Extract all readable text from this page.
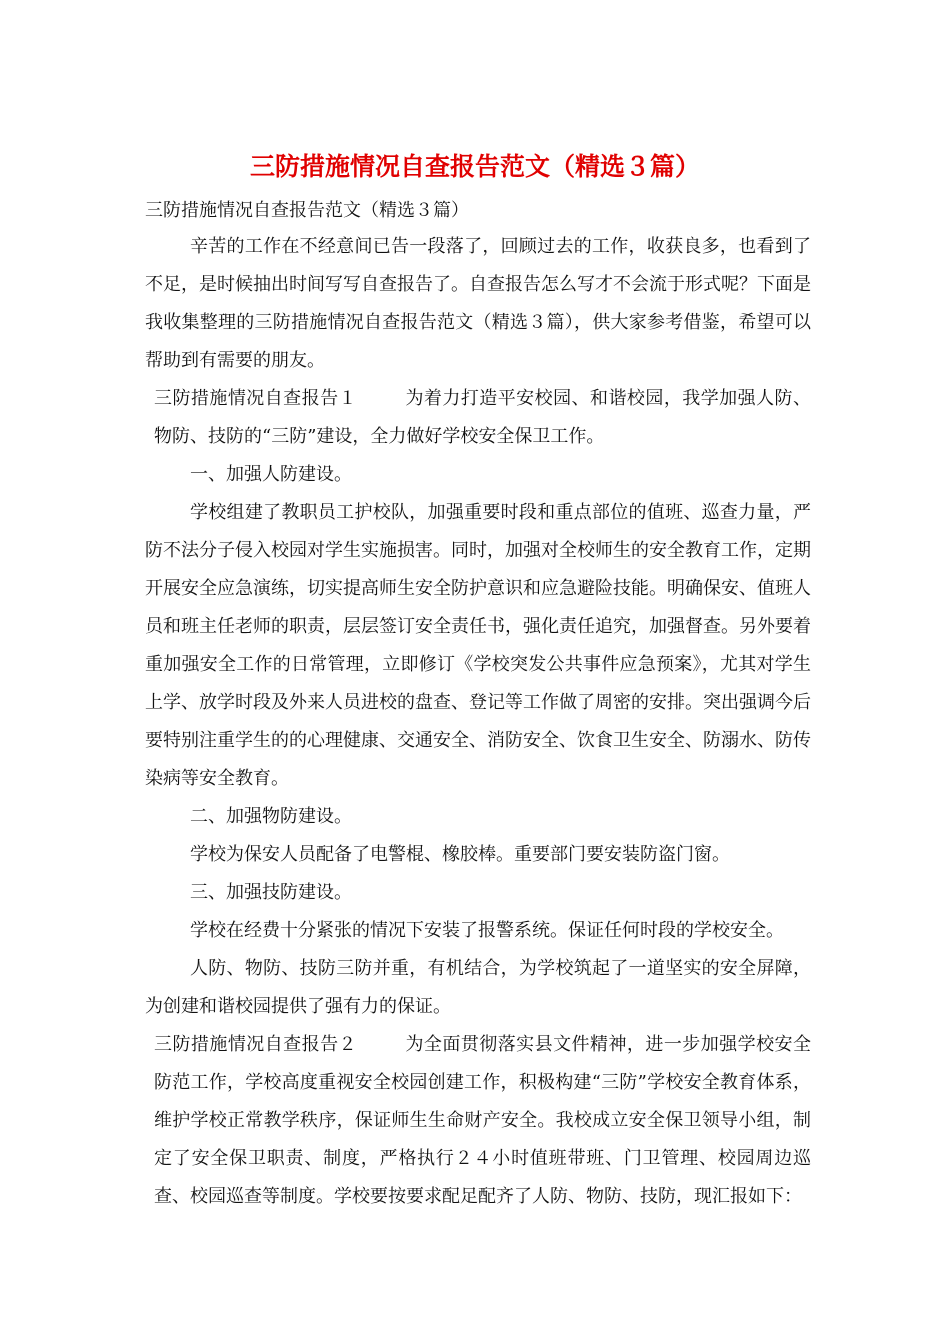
三防措施情况自查报告范文（精选３篇）

三防措施情况自查报告范文（精选３篇）

辛苦的工作在不经意间已告一段落了，回顾过去的工作，收获良多，也看到了不足，是时候抽出时间写写自查报告了。自查报告怎么写才不会流于形式呢？下面是我收集整理的三防措施情况自查报告范文（精选３篇），供大家参考借鉴，希望可以帮助到有需要的朋友。

三防措施情况自查报告１	为着力打造平安校园、和谐校园，我学加强人防、物防、技防的“三防”建设，全力做好学校安全保卫工作。

一、加强人防建设。

学校组建了教职员工护校队，加强重要时段和重点部位的值班、巡查力量，严防不法分子侵入校园对学生实施损害。同时，加强对全校师生的安全教育工作，定期开展安全应急演练，切实提高师生安全防护意识和应急避险技能。明确保安、值班人员和班主任老师的职责，层层签订安全责任书，强化责任追究，加强督查。另外要着重加强安全工作的日常管理，立即修订《学校突发公共事件应急预案》，尤其对学生上学、放学时段及外来人员进校的盘查、登记等工作做了周密的安排。突出强调今后要特别注重学生的的心理健康、交通安全、消防安全、饮食卫生安全、防溺水、防传染病等安全教育。

二、加强物防建设。

学校为保安人员配备了电警棍、橡胶棒。重要部门要安装防盗门窗。

三、加强技防建设。

学校在经费十分紧张的情况下安装了报警系统。保证任何时段的学校安全。

人防、物防、技防三防并重，有机结合，为学校筑起了一道坚实的安全屏障，为创建和谐校园提供了强有力的保证。

三防措施情况自查报告２	为全面贯彻落实县文件精神，进一步加强学校安全防范工作，学校高度重视安全校园创建工作，积极构建“三防”学校安全教育体系，维护学校正常教学秩序，保证师生生命财产安全。我校成立安全保卫领导小组，制定了安全保卫职责、制度，严格执行２４小时值班带班、门卫管理、校园周边巡查、校园巡查等制度。学校要按要求配足配齐了人防、物防、技防，现汇报如下：
